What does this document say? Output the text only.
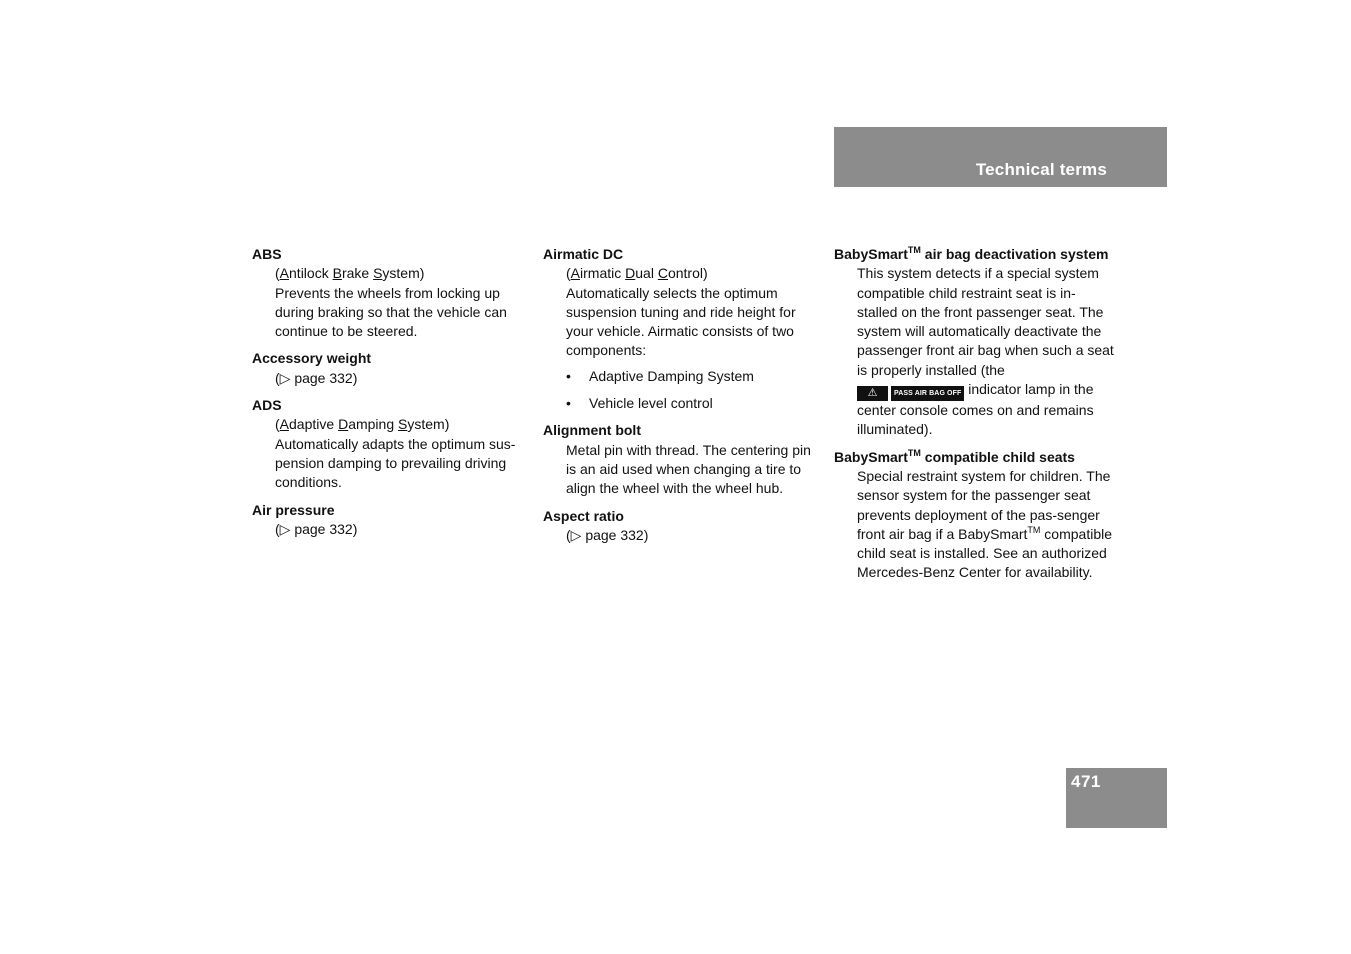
Technical terms
ABS
(Antilock Brake System)
Prevents the wheels from locking up during braking so that the vehicle can continue to be steered.
Accessory weight
(▷ page 332)
ADS
(Adaptive Damping System)
Automatically adapts the optimum sus-pension damping to prevailing driving conditions.
Air pressure
(▷ page 332)
Airmatic DC
(Airmatic Dual Control)
Automatically selects the optimum suspension tuning and ride height for your vehicle. Airmatic consists of two components:
• Adaptive Damping System
• Vehicle level control
Alignment bolt
Metal pin with thread. The centering pin is an aid used when changing a tire to align the wheel with the wheel hub.
Aspect ratio
(▷ page 332)
BabySmart™ air bag deactivation system
This system detects if a special system compatible child restraint seat is in-stalled on the front passenger seat. The system will automatically deactivate the passenger front air bag when such a seat is properly installed (the

⚠	PASS AIR BAG OFF indicator lamp in the center console comes on and remains illuminated).
BabySmart™ compatible child seats
Special restraint system for children. The sensor system for the passenger seat prevents deployment of the pas-senger front air bag if a BabySmart™ compatible child seat is installed. See an authorized Mercedes-Benz Center for availability.
471
